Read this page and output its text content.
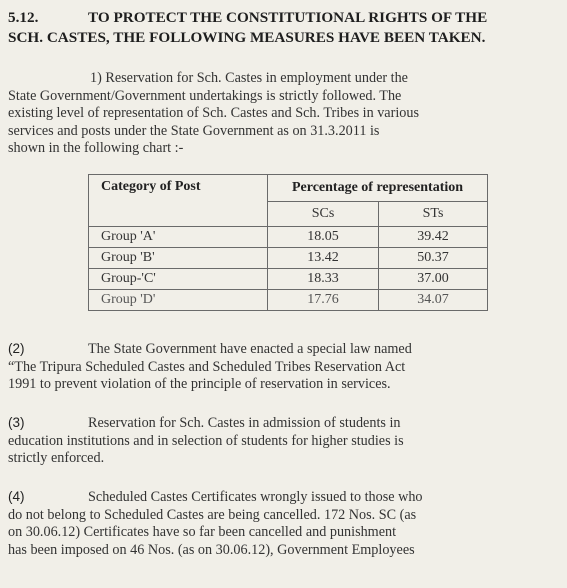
5.12.	TO PROTECT THE CONSTITUTIONAL RIGHTS OF THE
SCH. CASTES, THE FOLLOWING MEASURES HAVE BEEN TAKEN.
1) Reservation for Sch. Castes in employment under the
State Government/Government undertakings is strictly followed. The
existing level of representation of Sch. Castes and Sch. Tribes in various
services and posts under the State Government as on 31.3.2011 is
shown in the following chart :-
Category of Post	Percentage of representation	
	SCs	STs
Group 'A'	18.05	39.42
Group 'B'	13.42	50.37
Group-'C'	18.33	37.00
Group 'D'	17.76	34.07
(2)	The State Government have enacted a special law named
“The Tripura Scheduled Castes and Scheduled Tribes Reservation Act
1991 to prevent violation of the principle of reservation in services.
(3)	Reservation for Sch. Castes in admission of students in
education institutions and in selection of students for higher studies is
strictly enforced.
(4)	Scheduled Castes Certificates wrongly issued to those who
do not belong to Scheduled Castes are being cancelled. 172 Nos. SC (as
on 30.06.12) Certificates have so far been cancelled and punishment
has been imposed on 46 Nos. (as on 30.06.12), Government Employees
